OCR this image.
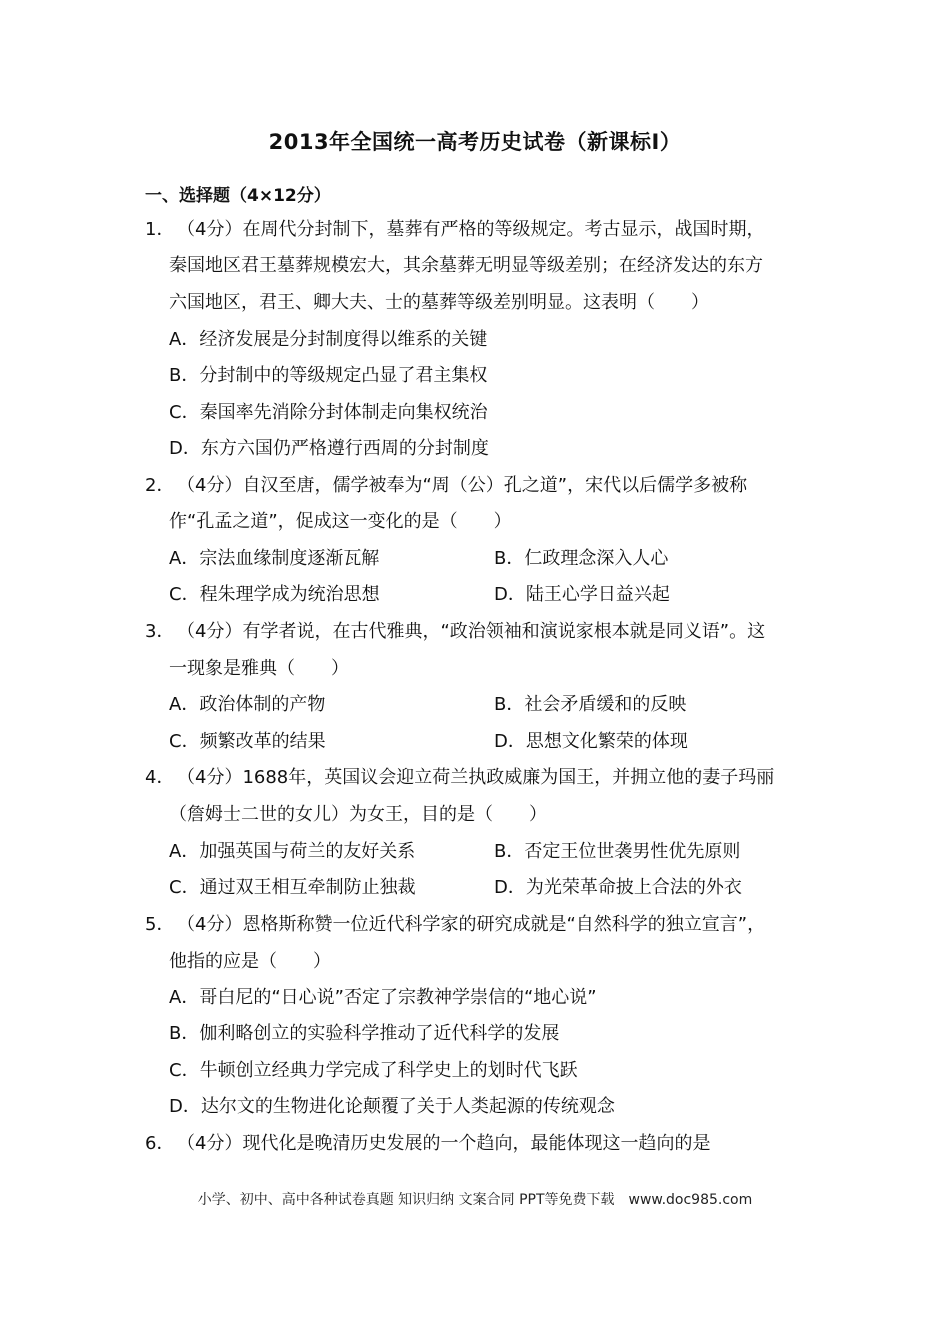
2013年全国统一高考历史试卷（新课标I）
一、选择题（4×12分）
1． （4分）在周代分封制下，墓葬有严格的等级规定。考古显示，战国时期，
秦国地区君王墓葬规模宏大，其余墓葬无明显等级差别；在经济发达的东方
六国地区，君王、卿大夫、士的墓葬等级差别明显。这表明（　　）
A．经济发展是分封制度得以维系的关键
B．分封制中的等级规定凸显了君主集权
C．秦国率先消除分封体制走向集权统治
D．东方六国仍严格遵行西周的分封制度
2． （4分）自汉至唐，儒学被奉为“周（公）孔之道”，宋代以后儒学多被称
作“孔孟之道”，促成这一变化的是（　　）
A．宗法血缘制度逐渐瓦解	B．仁政理念深入人心
C．程朱理学成为统治思想	D．陆王心学日益兴起
3． （4分）有学者说，在古代雅典，“政治领袖和演说家根本就是同义语”。这
一现象是雅典（　　）
A．政治体制的产物	B．社会矛盾缓和的反映
C．频繁改革的结果	D．思想文化繁荣的体现
4． （4分）1688年，英国议会迎立荷兰执政威廉为国王，并拥立他的妻子玛丽
（詹姆士二世的女儿）为女王，目的是（　　）
A．加强英国与荷兰的友好关系	B．否定王位世袭男性优先原则
C．通过双王相互牵制防止独裁	D．为光荣革命披上合法的外衣
5． （4分）恩格斯称赞一位近代科学家的研究成就是“自然科学的独立宣言”，
他指的应是（　　）
A．哥白尼的“日心说”否定了宗教神学崇信的“地心说”
B．伽利略创立的实验科学推动了近代科学的发展
C．牛顿创立经典力学完成了科学史上的划时代飞跃
D．达尔文的生物进化论颠覆了关于人类起源的传统观念
6． （4分）现代化是晚清历史发展的一个趋向，最能体现这一趋向的是
小学、初中、高中各种试卷真题 知识归纳 文案合同 PPT等免费下载　www.doc985.com
